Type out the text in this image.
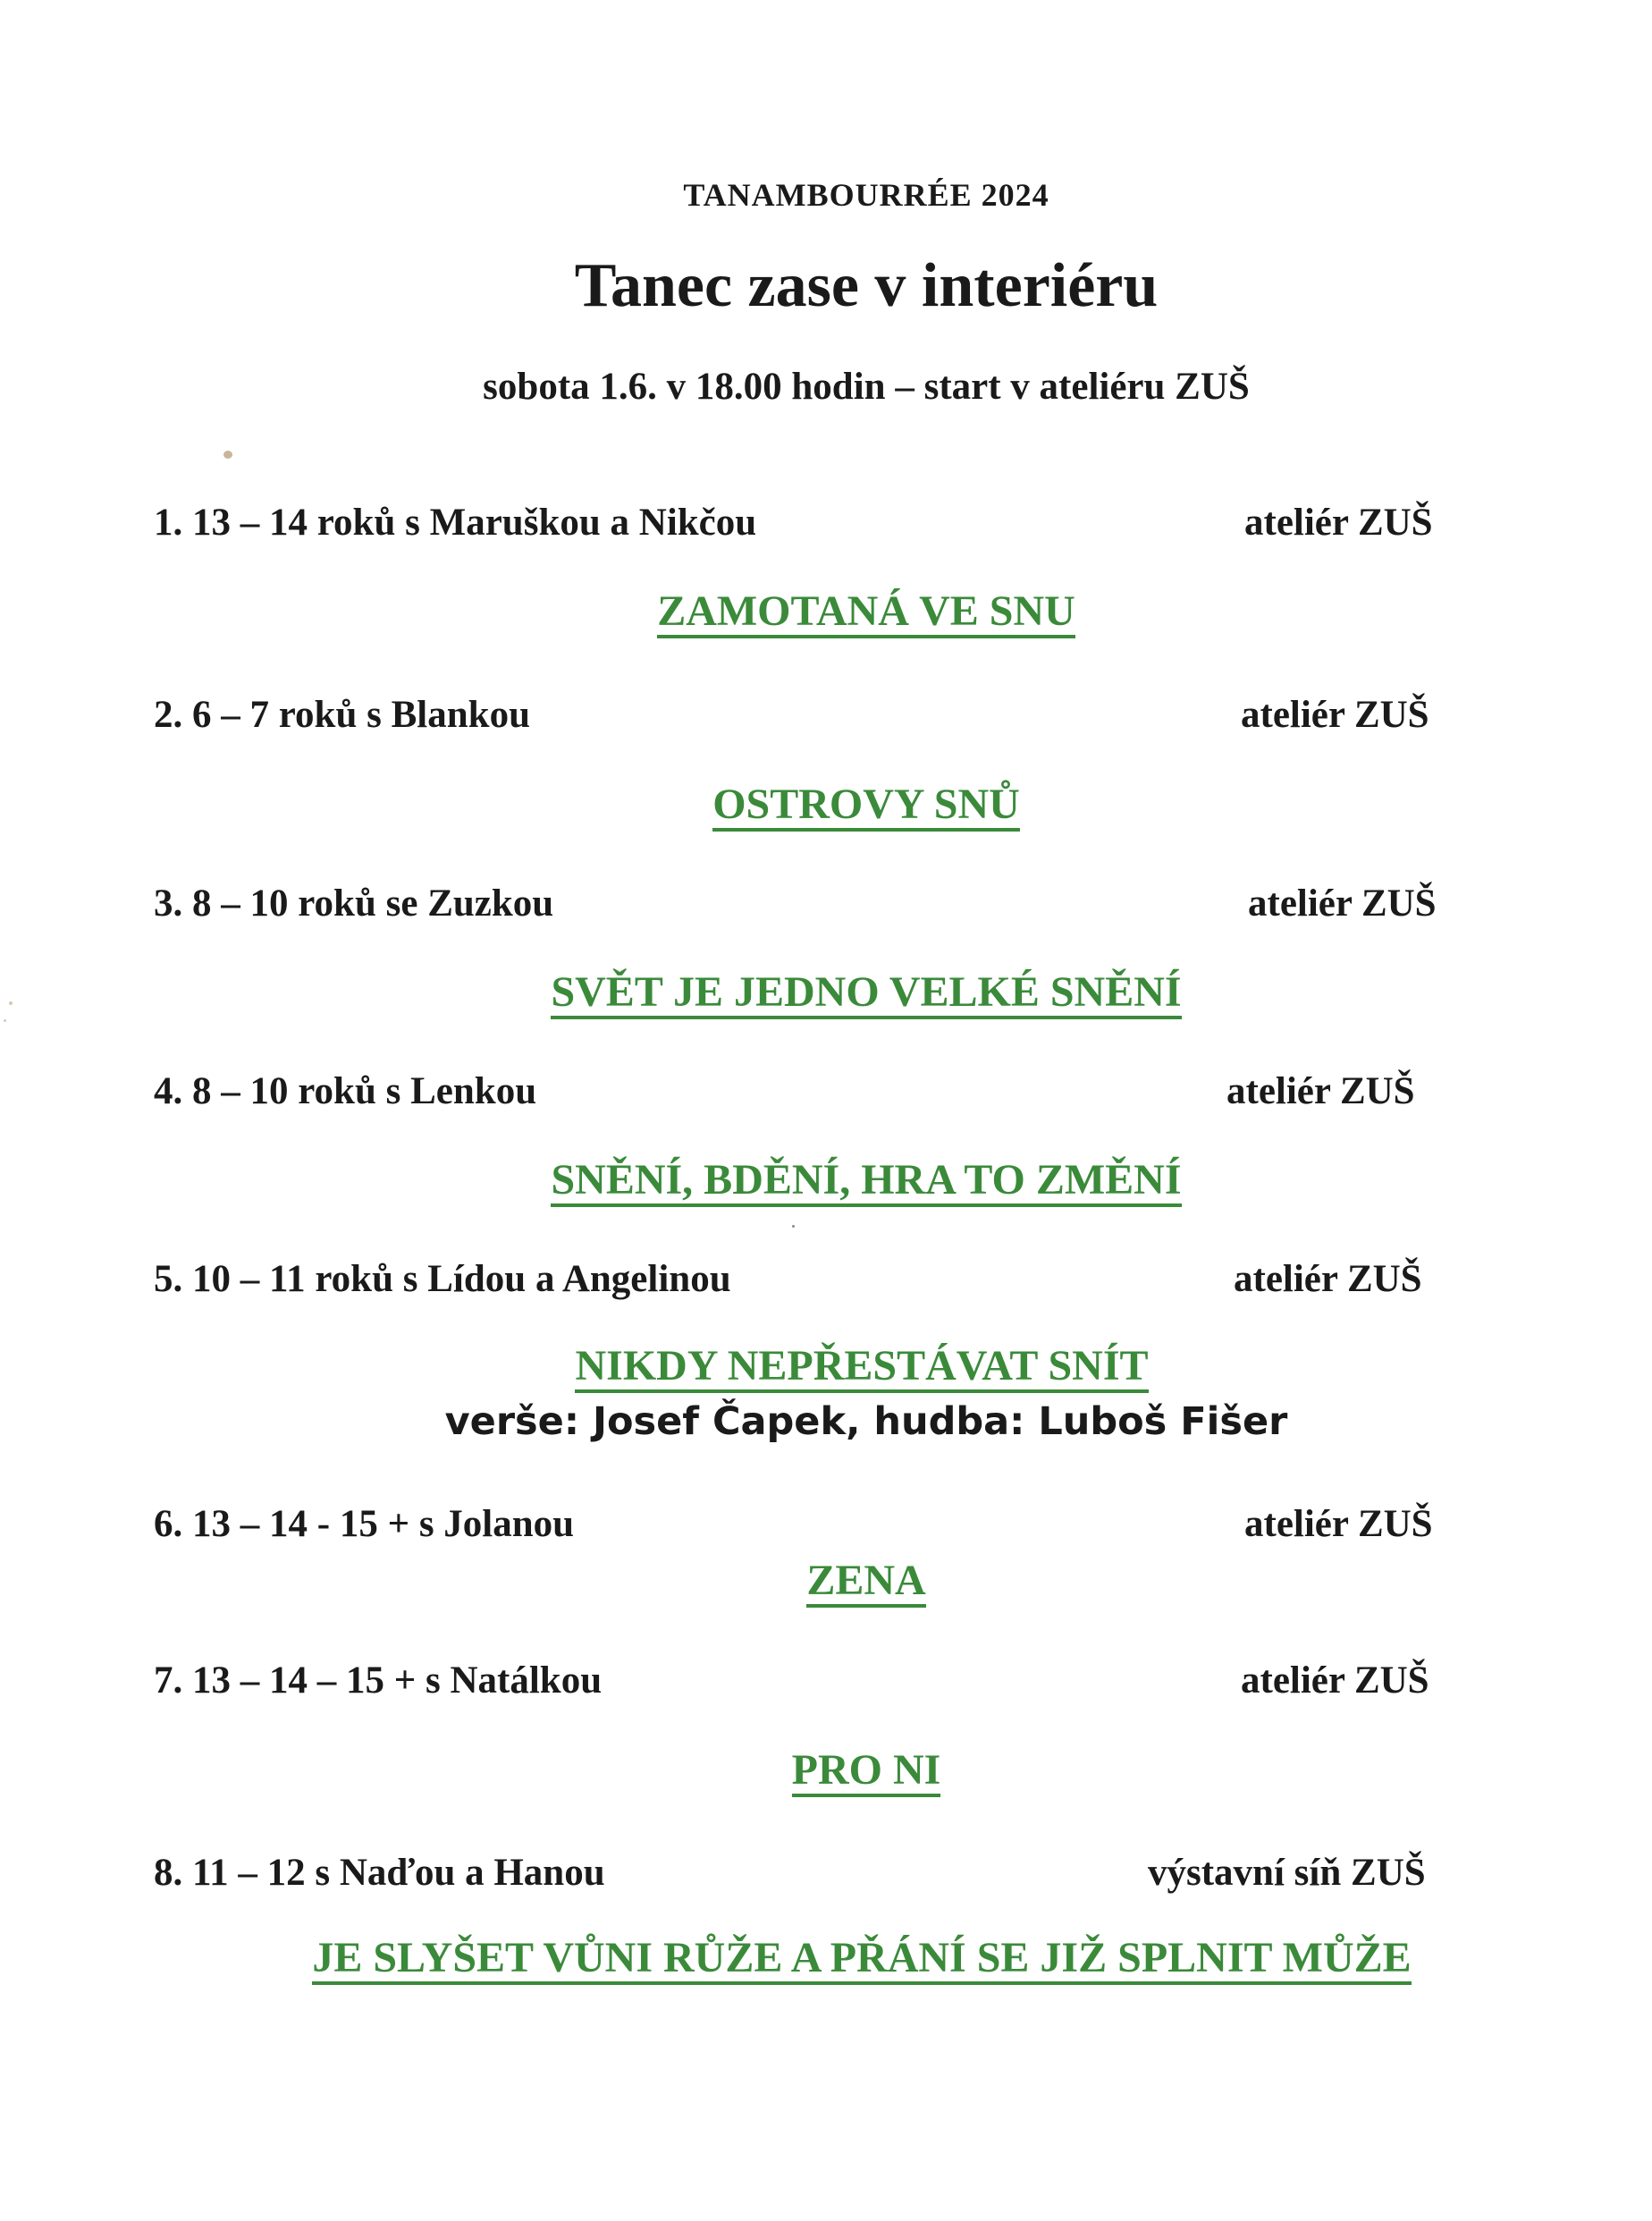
TANAMBOURRÉE 2024
Tanec zase v interiéru
sobota 1.6. v 18.00 hodin – start v ateliéru ZUŠ
1. 13 – 14 roků s Maruškou a Nikčou	ateliér ZUŠ
ZAMOTANÁ VE SNU
2. 6 – 7 roků s Blankou	ateliér ZUŠ
OSTROVY SNŮ
3. 8 – 10 roků se Zuzkou	ateliér ZUŠ
SVĚT JE JEDNO VELKÉ SNĚNÍ
4. 8 – 10 roků s Lenkou	ateliér ZUŠ
SNĚNÍ, BDĚNÍ, HRA TO ZMĚNÍ
5. 10 – 11 roků s Lídou a Angelinou	ateliér ZUŠ
NIKDY NEPŘESTÁVAT SNÍT
verše: Josef Čapek, hudba: Luboš Fišer
6. 13 – 14 - 15 + s Jolanou	ateliér ZUŠ
ZENA
7. 13 – 14 – 15 + s Natálkou	ateliér ZUŠ
PRO NI
8. 11 – 12 s Naďou a Hanou	výstavní síň ZUŠ
JE SLYŠET VŮNI RŮŽE A PŘÁNÍ SE JIŽ SPLNIT MŮŽE
